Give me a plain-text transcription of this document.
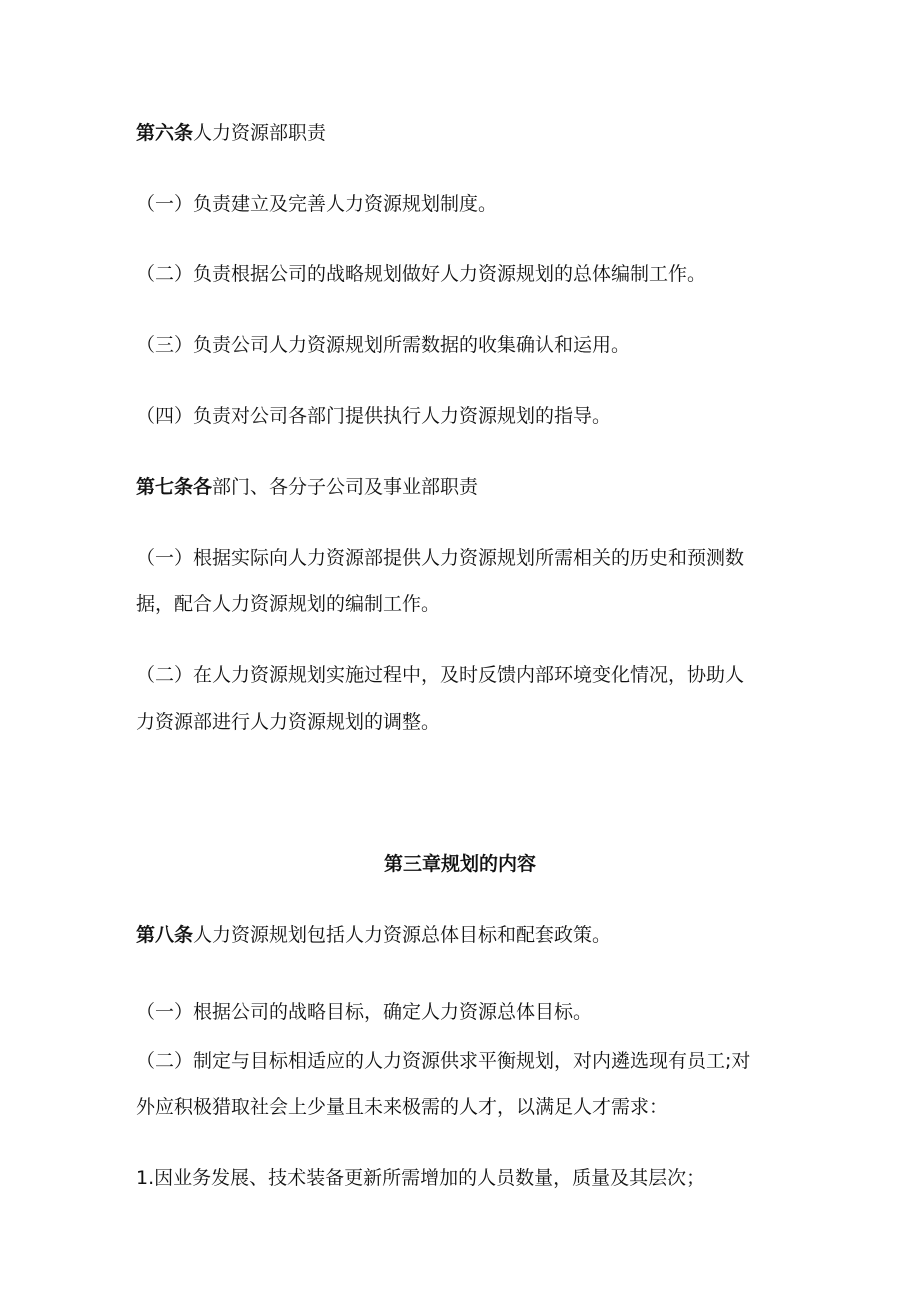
第六条人力资源部职责
（一）负责建立及完善人力资源规划制度。
（二）负责根据公司的战略规划做好人力资源规划的总体编制工作。
（三）负责公司人力资源规划所需数据的收集确认和运用。
（四）负责对公司各部门提供执行人力资源规划的指导。
第七条各部门、各分子公司及事业部职责
（一）根据实际向人力资源部提供人力资源规划所需相关的历史和预测数
据，配合人力资源规划的编制工作。
（二）在人力资源规划实施过程中，及时反馈内部环境变化情况，协助人
力资源部进行人力资源规划的调整。
第三章规划的内容
第八条人力资源规划包括人力资源总体目标和配套政策。
（一）根据公司的战略目标，确定人力资源总体目标。
（二）制定与目标相适应的人力资源供求平衡规划，对内遴选现有员工;对
外应积极猎取社会上少量且未来极需的人才，以满足人才需求：
1.因业务发展、技术装备更新所需增加的人员数量，质量及其层次；
